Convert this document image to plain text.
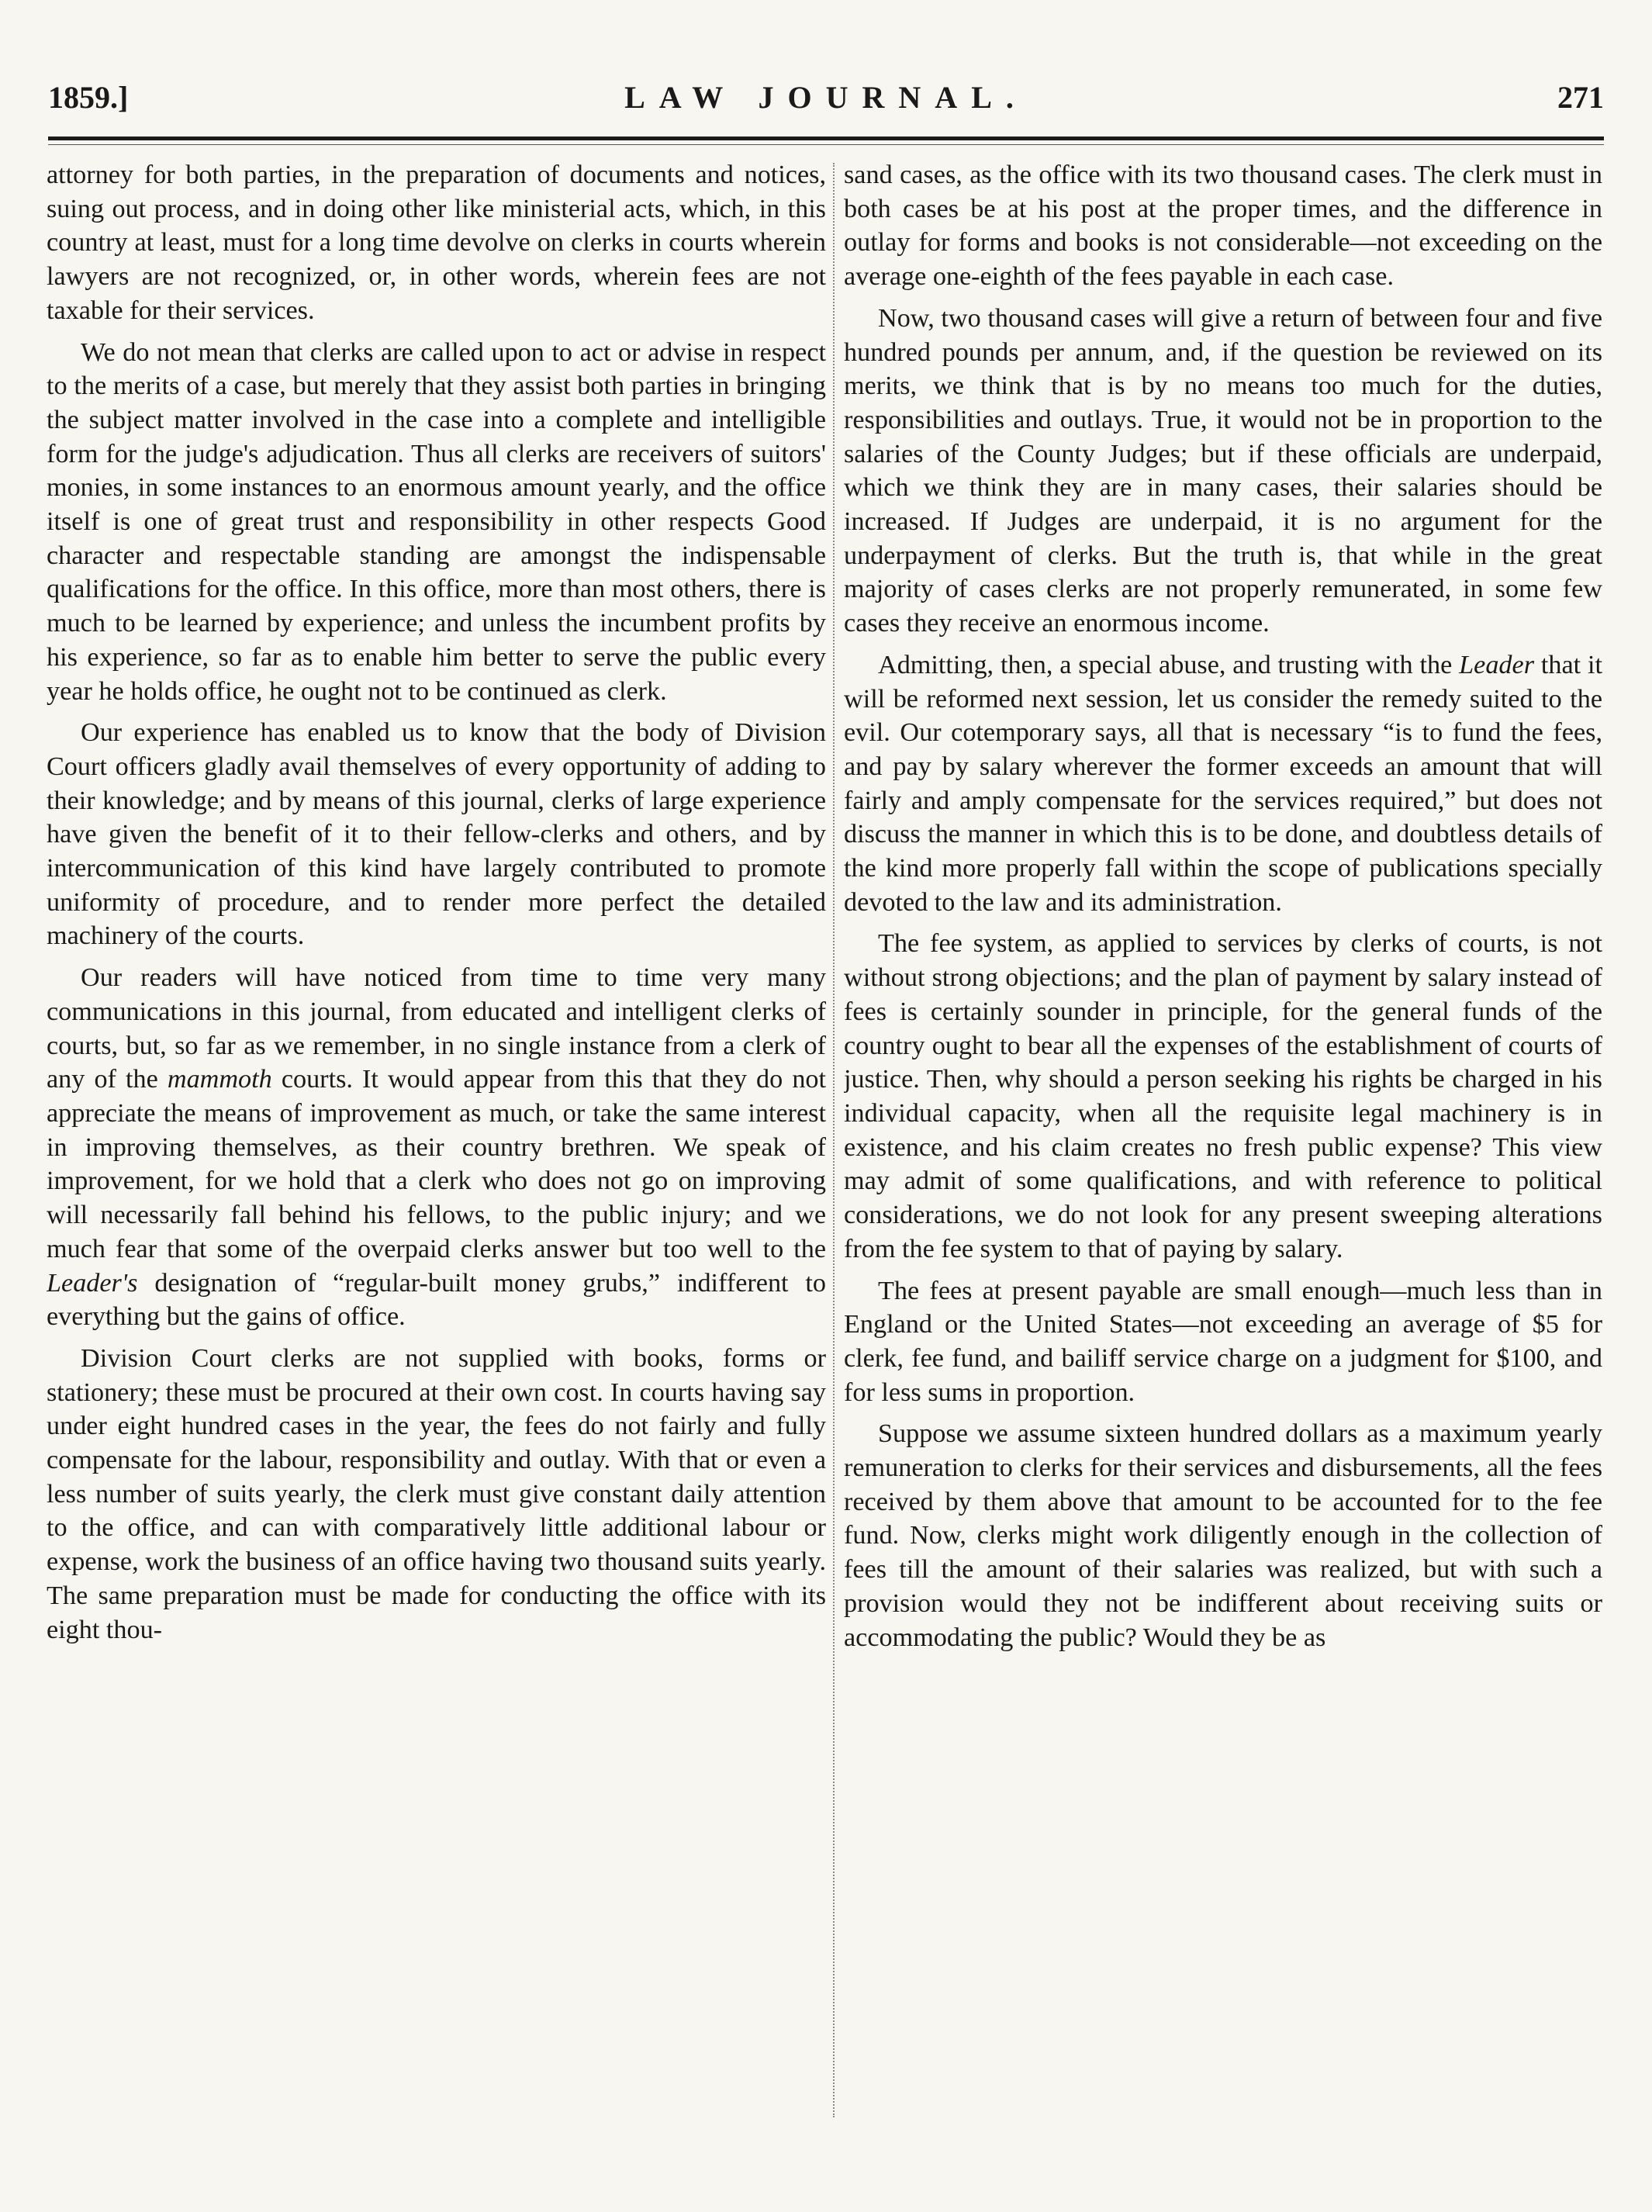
1859.]	LAW JOURNAL.	271

attorney for both parties, in the preparation of documents and notices, suing out process, and in doing other like ministerial acts, which, in this country at least, must for a long time devolve on clerks in courts wherein lawyers are not recognized, or, in other words, wherein fees are not taxable for their services.

We do not mean that clerks are called upon to act or advise in respect to the merits of a case, but merely that they assist both parties in bringing the subject matter involved in the case into a complete and intelligible form for the judge's adjudication. Thus all clerks are receivers of suitors' monies, in some instances to an enormous amount yearly, and the office itself is one of great trust and responsibility in other respects Good character and respectable standing are amongst the indispensable qualifications for the office. In this office, more than most others, there is much to be learned by experience; and unless the incumbent profits by his experience, so far as to enable him better to serve the public every year he holds office, he ought not to be continued as clerk.

Our experience has enabled us to know that the body of Division Court officers gladly avail themselves of every opportunity of adding to their knowledge; and by means of this journal, clerks of large experience have given the benefit of it to their fellow-clerks and others, and by intercommunication of this kind have largely contributed to promote uniformity of procedure, and to render more perfect the detailed machinery of the courts.

Our readers will have noticed from time to time very many communications in this journal, from educated and intelligent clerks of courts, but, so far as we remember, in no single instance from a clerk of any of the mammoth courts. It would appear from this that they do not appreciate the means of improvement as much, or take the same interest in improving themselves, as their country brethren. We speak of improvement, for we hold that a clerk who does not go on improving will necessarily fall behind his fellows, to the public injury; and we much fear that some of the overpaid clerks answer but too well to the Leader's designation of “regular-built money grubs,” indifferent to everything but the gains of office.

Division Court clerks are not supplied with books, forms or stationery; these must be procured at their own cost. In courts having say under eight hundred cases in the year, the fees do not fairly and fully compensate for the labour, responsibility and outlay. With that or even a less number of suits yearly, the clerk must give constant daily attention to the office, and can with comparatively little additional labour or expense, work the business of an office having two thousand suits yearly. The same preparation must be made for conducting the office with its eight thou-

sand cases, as the office with its two thousand cases. The clerk must in both cases be at his post at the proper times, and the difference in outlay for forms and books is not considerable—not exceeding on the average one-eighth of the fees payable in each case.

Now, two thousand cases will give a return of between four and five hundred pounds per annum, and, if the question be reviewed on its merits, we think that is by no means too much for the duties, responsibilities and outlays. True, it would not be in proportion to the salaries of the County Judges; but if these officials are underpaid, which we think they are in many cases, their salaries should be increased. If Judges are underpaid, it is no argument for the underpayment of clerks. But the truth is, that while in the great majority of cases clerks are not properly remunerated, in some few cases they receive an enormous income.

Admitting, then, a special abuse, and trusting with the Leader that it will be reformed next session, let us consider the remedy suited to the evil. Our cotemporary says, all that is necessary “is to fund the fees, and pay by salary wherever the former exceeds an amount that will fairly and amply compensate for the services required,” but does not discuss the manner in which this is to be done, and doubtless details of the kind more properly fall within the scope of publications specially devoted to the law and its administration.

The fee system, as applied to services by clerks of courts, is not without strong objections; and the plan of payment by salary instead of fees is certainly sounder in principle, for the general funds of the country ought to bear all the expenses of the establishment of courts of justice. Then, why should a person seeking his rights be charged in his individual capacity, when all the requisite legal machinery is in existence, and his claim creates no fresh public expense? This view may admit of some qualifications, and with reference to political considerations, we do not look for any present sweeping alterations from the fee system to that of paying by salary.

The fees at present payable are small enough—much less than in England or the United States—not exceeding an average of $5 for clerk, fee fund, and bailiff service charge on a judgment for $100, and for less sums in proportion.

Suppose we assume sixteen hundred dollars as a maximum yearly remuneration to clerks for their services and disbursements, all the fees received by them above that amount to be accounted for to the fee fund. Now, clerks might work diligently enough in the collection of fees till the amount of their salaries was realized, but with such a provision would they not be indifferent about receiving suits or accommodating the public? Would they be as
